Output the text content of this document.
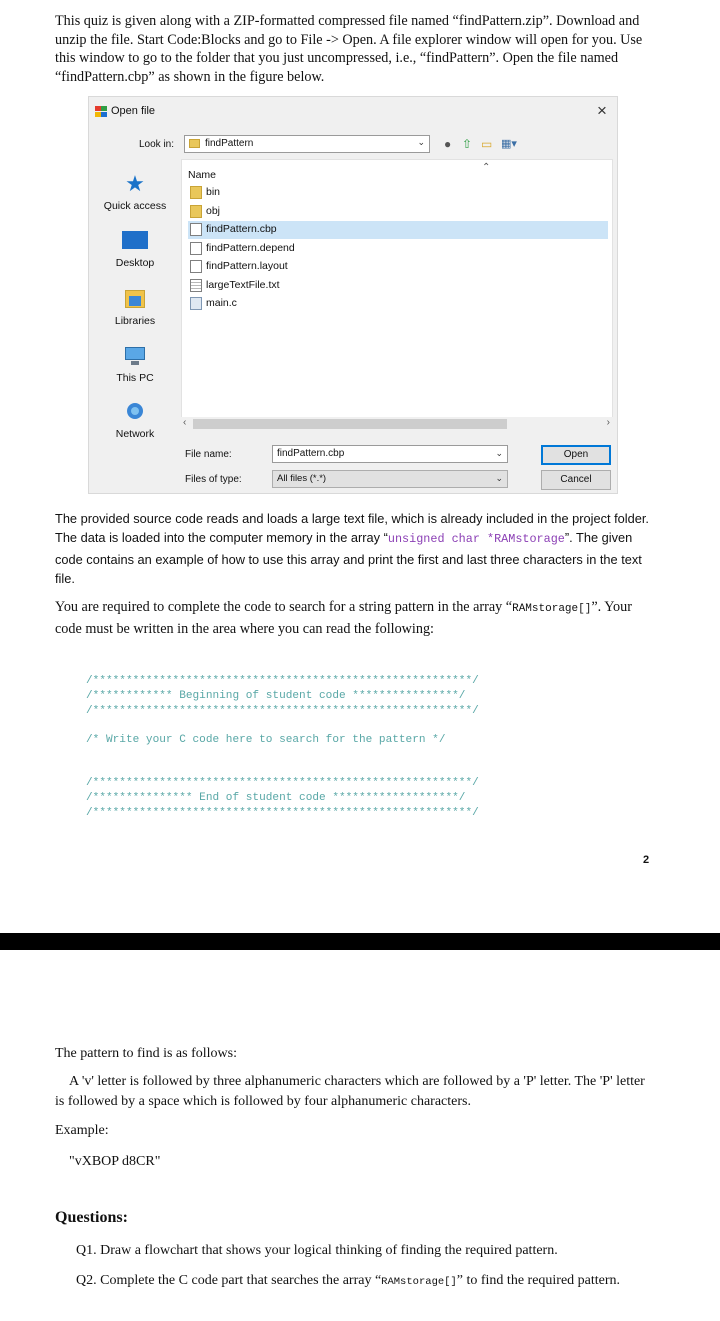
This quiz is given along with a ZIP-formatted compressed file named “findPattern.zip”. Download and unzip the file. Start Code:Blocks and go to File -> Open. A file explorer window will open for you. Use this window to go to the folder that you just uncompressed, i.e., “findPattern”. Open the file named “findPattern.cbp” as shown in the figure below.
Open file	×
Look in:	findPattern	⌄ ● ⇧ ▭ ▦▾
★
Quick access
Desktop
Libraries
This PC
Network
⌃
Name
bin
obj
findPattern.cbp
findPattern.depend
findPattern.layout
largeTextFile.txt
main.c
‹	›
File name:	findPattern.cbp	⌄
Files of type:	All files (*.*)	⌄
Open
Cancel
The provided source code reads and loads a large text file, which is already included in the project folder. The data is loaded into the computer memory in the array “unsigned char *RAMstorage”. The given code contains an example of how to use this array and print the first and last three characters in the text file.
You are required to complete the code to search for a string pattern in the array “RAMstorage[]”. Your code must be written in the area where you can read the following:
/*********************************************************/
/************ Beginning of student code ****************/
/*********************************************************/
/* Write your C code here to search for the pattern */
/*********************************************************/
/*************** End of student code *******************/
/*********************************************************/
2
The pattern to find is as follows:
A 'v' letter is followed by three alphanumeric characters which are followed by a 'P' letter. The 'P' letter is followed by a space which is followed by four alphanumeric characters.
Example:
"vXBOP d8CR"
Questions:
Q1. Draw a flowchart that shows your logical thinking of finding the required pattern.
Q2. Complete the C code part that searches the array “RAMstorage[]” to find the required pattern.
